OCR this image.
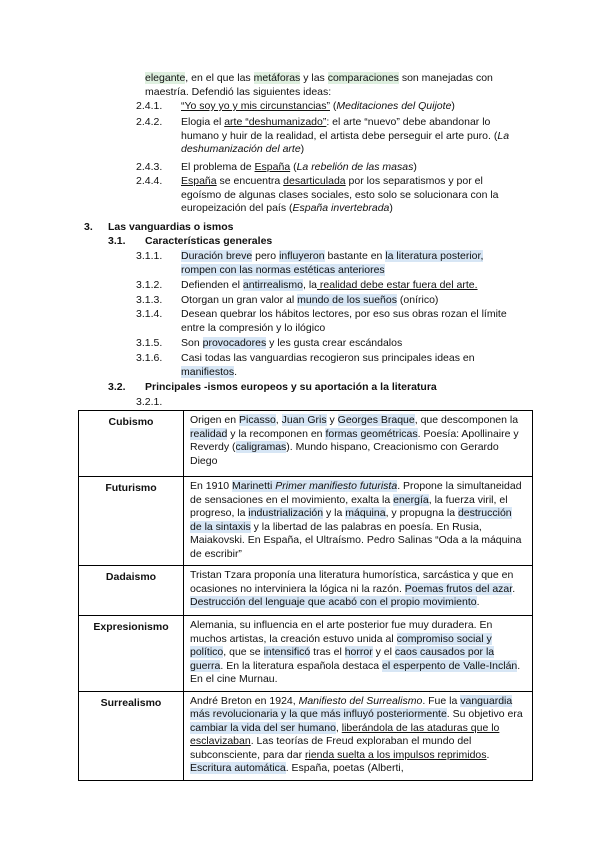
elegante, en el que las metáforas y las comparaciones son manejadas con
maestría. Defendió las siguientes ideas:
2.4.1.	“Yo soy yo y mis circunstancias” (Meditaciones del Quijote)
2.4.2.	Elogia el arte “deshumanizado”: el arte “nuevo” debe abandonar lo humano y huir de la realidad, el artista debe perseguir el arte puro. (La deshumanización del arte)
2.4.3.	El problema de España (La rebelión de las masas)
2.4.4.	España se encuentra desarticulada por los separatismos y por el egoísmo de algunas clases sociales, esto solo se solucionara con la europeización del país (España invertebrada)
3. Las vanguardias o ismos
3.1. Características generales
3.1.1.	Duración breve pero influyeron bastante en la literatura posterior, rompen con las normas estéticas anteriores
3.1.2.	Defienden el antirrealismo, la realidad debe estar fuera del arte.
3.1.3.	Otorgan un gran valor al mundo de los sueños (onírico)
3.1.4.	Desean quebrar los hábitos lectores, por eso sus obras rozan el límite entre la compresión y lo ilógico
3.1.5.	Son provocadores y les gusta crear escándalos
3.1.6.	Casi todas las vanguardias recogieron sus principales ideas en manifiestos.
3.2. Principales -ismos europeos y su aportación a la literatura
3.2.1.
Cubismo	Origen en Picasso, Juan Gris y Georges Braque, que descomponen la realidad y la recomponen en formas geométricas. Poesía: Apollinaire y Reverdy (caligramas). Mundo hispano, Creacionismo con Gerardo Diego
Futurismo	En 1910 Marinetti Primer manifiesto futurista. Propone la simultaneidad de sensaciones en el movimiento, exalta la energía, la fuerza viril, el progreso, la industrialización y la máquina, y propugna la destrucción de la sintaxis y la libertad de las palabras en poesía. En Rusia, Maiakovski. En España, el Ultraísmo. Pedro Salinas “Oda a la máquina de escribir”
Dadaismo	Tristan Tzara proponía una literatura humorística, sarcástica y que en ocasiones no interviniera la lógica ni la razón. Poemas frutos del azar. Destrucción del lenguaje que acabó con el propio movimiento.
Expresionismo	Alemania, su influencia en el arte posterior fue muy duradera. En muchos artistas, la creación estuvo unida al compromiso social y político, que se intensificó tras el horror y el caos causados por la guerra. En la literatura española destaca el esperpento de Valle-Inclán. En el cine Murnau.
Surrealismo	André Breton en 1924, Manifiesto del Surrealismo. Fue la vanguardia más revolucionaria y la que más influyó posteriormente. Su objetivo era cambiar la vida del ser humano, liberándola de las ataduras que lo esclavizaban. Las teorías de Freud exploraban el mundo del subconsciente, para dar rienda suelta a los impulsos reprimidos. Escritura automática. España, poetas (Alberti,
